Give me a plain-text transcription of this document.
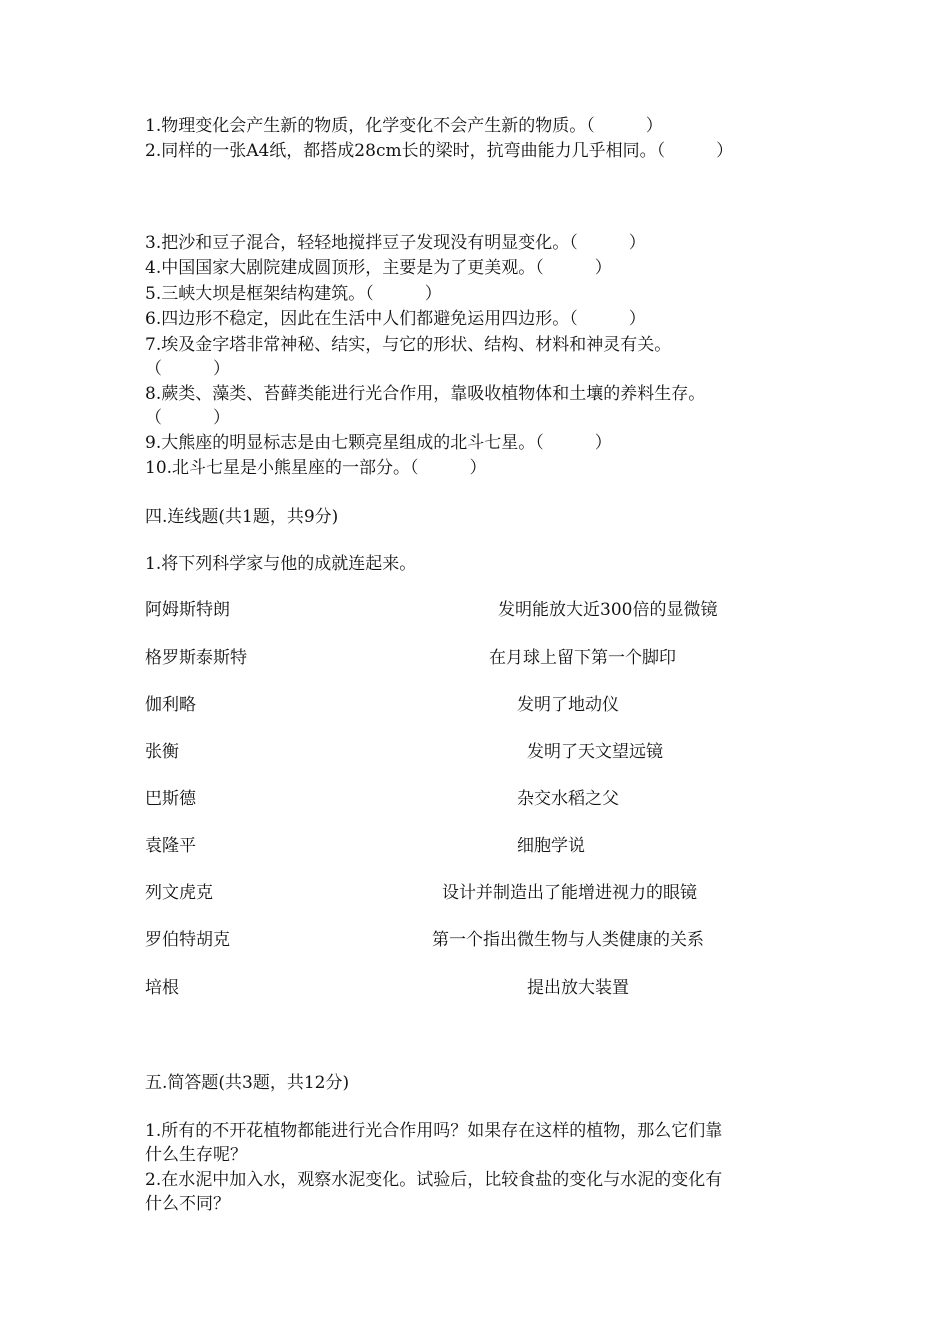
1.物理变化会产生新的物质，化学变化不会产生新的物质。（　　　）
2.同样的一张A4纸，都搭成28cm长的梁时，抗弯曲能力几乎相同。（　　　）
3.把沙和豆子混合，轻轻地搅拌豆子发现没有明显变化。（　　　）
4.中国国家大剧院建成圆顶形，主要是为了更美观。（　　　）
5.三峡大坝是框架结构建筑。（　　　）
6.四边形不稳定，因此在生活中人们都避免运用四边形。（　　　）
7.埃及金字塔非常神秘、结实，与它的形状、结构、材料和神灵有关。
（　　　）
8.蕨类、藻类、苔藓类能进行光合作用，靠吸收植物体和土壤的养料生存。
（　　　）
9.大熊座的明显标志是由七颗亮星组成的北斗七星。（　　　）
10.北斗七星是小熊星座的一部分。（　　　）
四.连线题(共1题，共9分)
1.将下列科学家与他的成就连起来。
阿姆斯特朗	发明能放大近300倍的显微镜
格罗斯泰斯特	在月球上留下第一个脚印
伽利略	发明了地动仪
张衡	发明了天文望远镜
巴斯德	杂交水稻之父
袁隆平	细胞学说
列文虎克	设计并制造出了能增进视力的眼镜
罗伯特胡克	第一个指出微生物与人类健康的关系
培根	提出放大装置
五.简答题(共3题，共12分)
1.所有的不开花植物都能进行光合作用吗？如果存在这样的植物，那么它们靠
什么生存呢？
2.在水泥中加入水，观察水泥变化。试验后，比较食盐的变化与水泥的变化有
什么不同？
